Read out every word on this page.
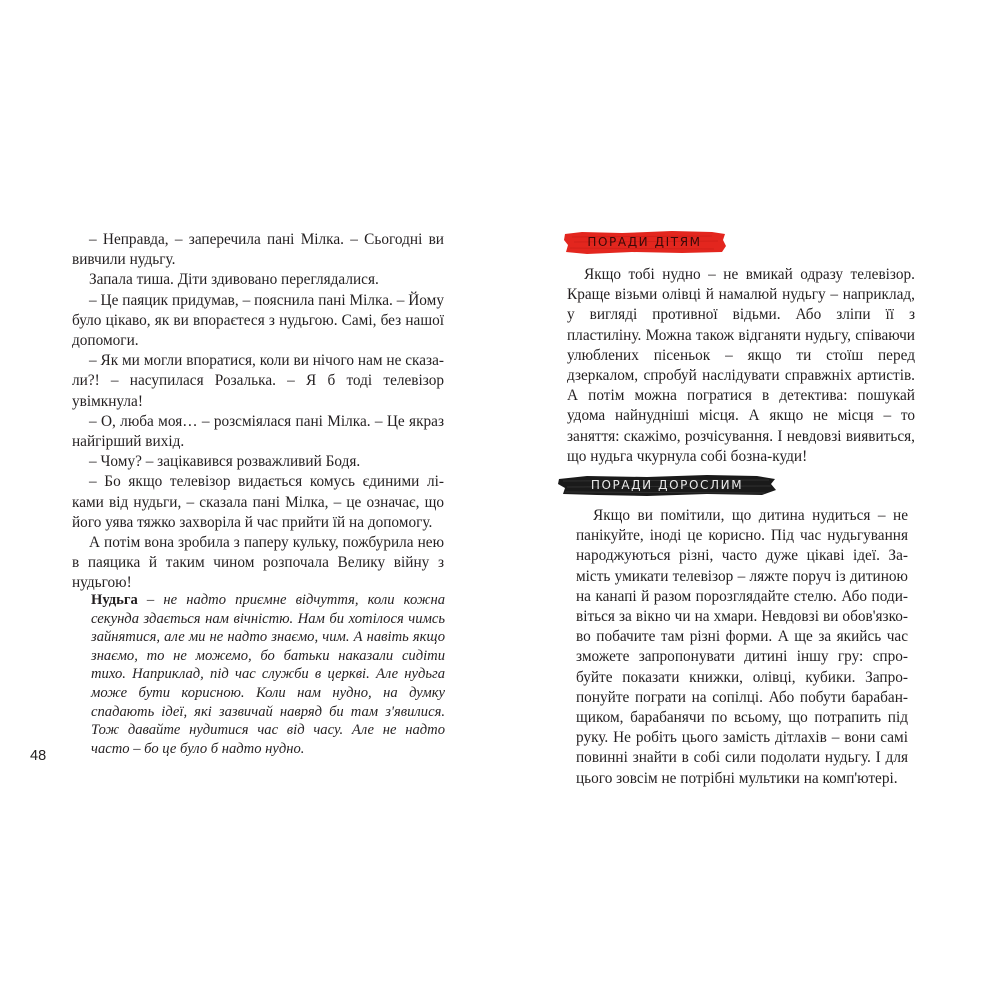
– Неправда, – заперечила пані Мілка. – Сьогодні ви вивчили нудьгу.

Запала тиша. Діти здивовано переглядалися.

– Це паяцик придумав, – пояснила пані Мілка. – Йому було цікаво, як ви впораєтеся з нудьгою. Самі, без нашої допомоги.

– Як ми могли впоратися, коли ви нічого нам не сказали?! – насупилася Розалька. – Я б тоді телевізор увімкнула!

– О, люба моя… – розсміялася пані Мілка. – Це якраз найгірший вихід.

– Чому? – зацікавився розважливий Бодя.

– Бо якщо телевізор видається комусь єдиними ліками від нудьги, – сказала пані Мілка, – це означає, що його уява тяжко захворіла й час прийти їй на допомогу.

А потім вона зробила з паперу кульку, пожбурила нею в паяцика й таким чином розпочала Велику війну з нудьгою!

Нудьга – не надто приємне відчуття, коли кожна секунда здається нам вічністю. Нам би хотілося чимсь зайнятися, але ми не надто знаємо, чим. А навіть якщо знаємо, то не можемо, бо батьки наказали сидіти тихо. Наприклад, під час служби в церкві. Але нудьга може бути корисною. Коли нам нудно, на думку спадають ідеї, які зазвичай навряд би там з'явилися. Тож давайте нудитися час від часу. Але не надто часто – бо це було б надто нудно.

48
ПОРАДИ ДІТЯМ

Якщо тобі нудно – не вмикай одразу телевізор. Краще візьми олівці й намалюй нудьгу – наприклад, у вигляді противної відьми. Або зліпи її з пластиліну. Можна також відганяти нудьгу, співаючи улюблених пісеньок – якщо ти стоїш перед дзеркалом, спробуй наслідувати справжніх артистів. А потім можна погратися в детектива: пошукай удома найнудніші місця. А якщо не місця – то заняття: скажімо, розчісування. І невдовзі виявиться, що нудьга чкурнула собі бозна-куди!

ПОРАДИ ДОРОСЛИМ

Якщо ви помітили, що дитина нудиться – не панікуйте, іноді це корисно. Під час нудьгування народжуються різні, часто дуже цікаві ідеї. Замість умикати телевізор – ляжте поруч із дитиною на канапі й разом порозглядайте стелю. Або подивіться за вікно чи на хмари. Невдовзі ви обов'язково побачите там різні форми. А ще за якийсь час зможете запропонувати дитині іншу гру: спробуйте показати книжки, олівці, кубики. Запропонуйте пограти на сопілці. Або побути барабанщиком, барабанячи по всьому, що потрапить під руку. Не робіть цього замість дітлахів – вони самі повинні знайти в собі сили подолати нудьгу. І для цього зовсім не потрібні мультики на комп'ютері.
